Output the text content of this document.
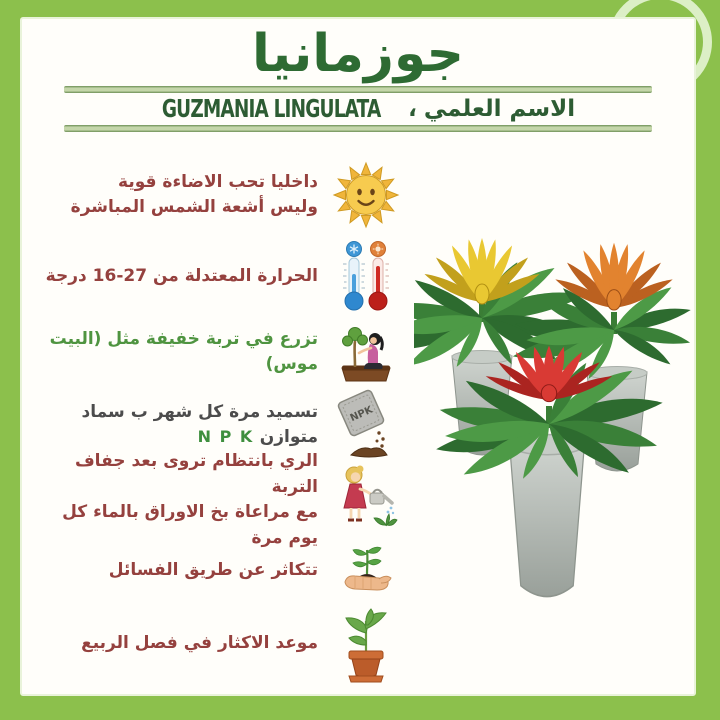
جوزمانيا
الاسم العلمي
،
GUZMANIA LINGULATA
داخليا تحب الاضاءة قوية
وليس أشعة الشمس المباشرة
الحرارة المعتدلة من 27-16 درجة
تزرع في تربة خفيفة مثل (البيت موس)
NPK
تسميد مرة كل شهر ب سماد متوازن N P K
الري بانتظام تروى بعد جفاف التربة
مع مراعاة بخ الاوراق بالماء كل يوم مرة
تتكاثر عن طريق الفسائل
موعد الاكثار في فصل الربيع
